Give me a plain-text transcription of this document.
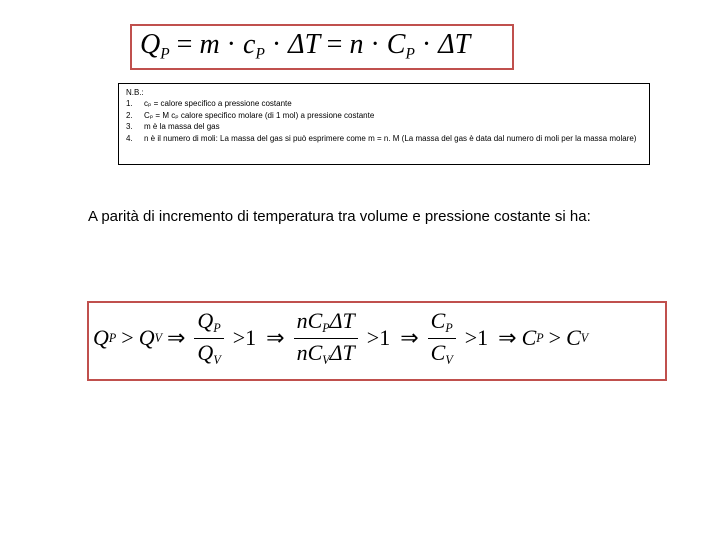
$Q_P = m \cdot c_P \cdot \Delta T = n \cdot C_P \cdot \Delta T$
N.B.:
1. cₚ = calore specifico a pressione costante
2. Cₚ = M cₚ calore specifico molare (di 1 mol) a pressione costante
3. m è la massa del gas
4. n è il numero di moli: La massa del gas si può esprimere come m = n. M (La massa del gas è data dal numero di moli per la massa molare)
A parità di incremento di temperatura tra volume e pressione costante si ha:
Q P > Q V ⇒ $\frac{Q_P}{Q_V} >1$ ⇒ $\frac{nC_P\Delta T}{nC_V\Delta T} >1$ ⇒ $\frac{C_P}{C_V} >1$ ⇒ C P > C V
